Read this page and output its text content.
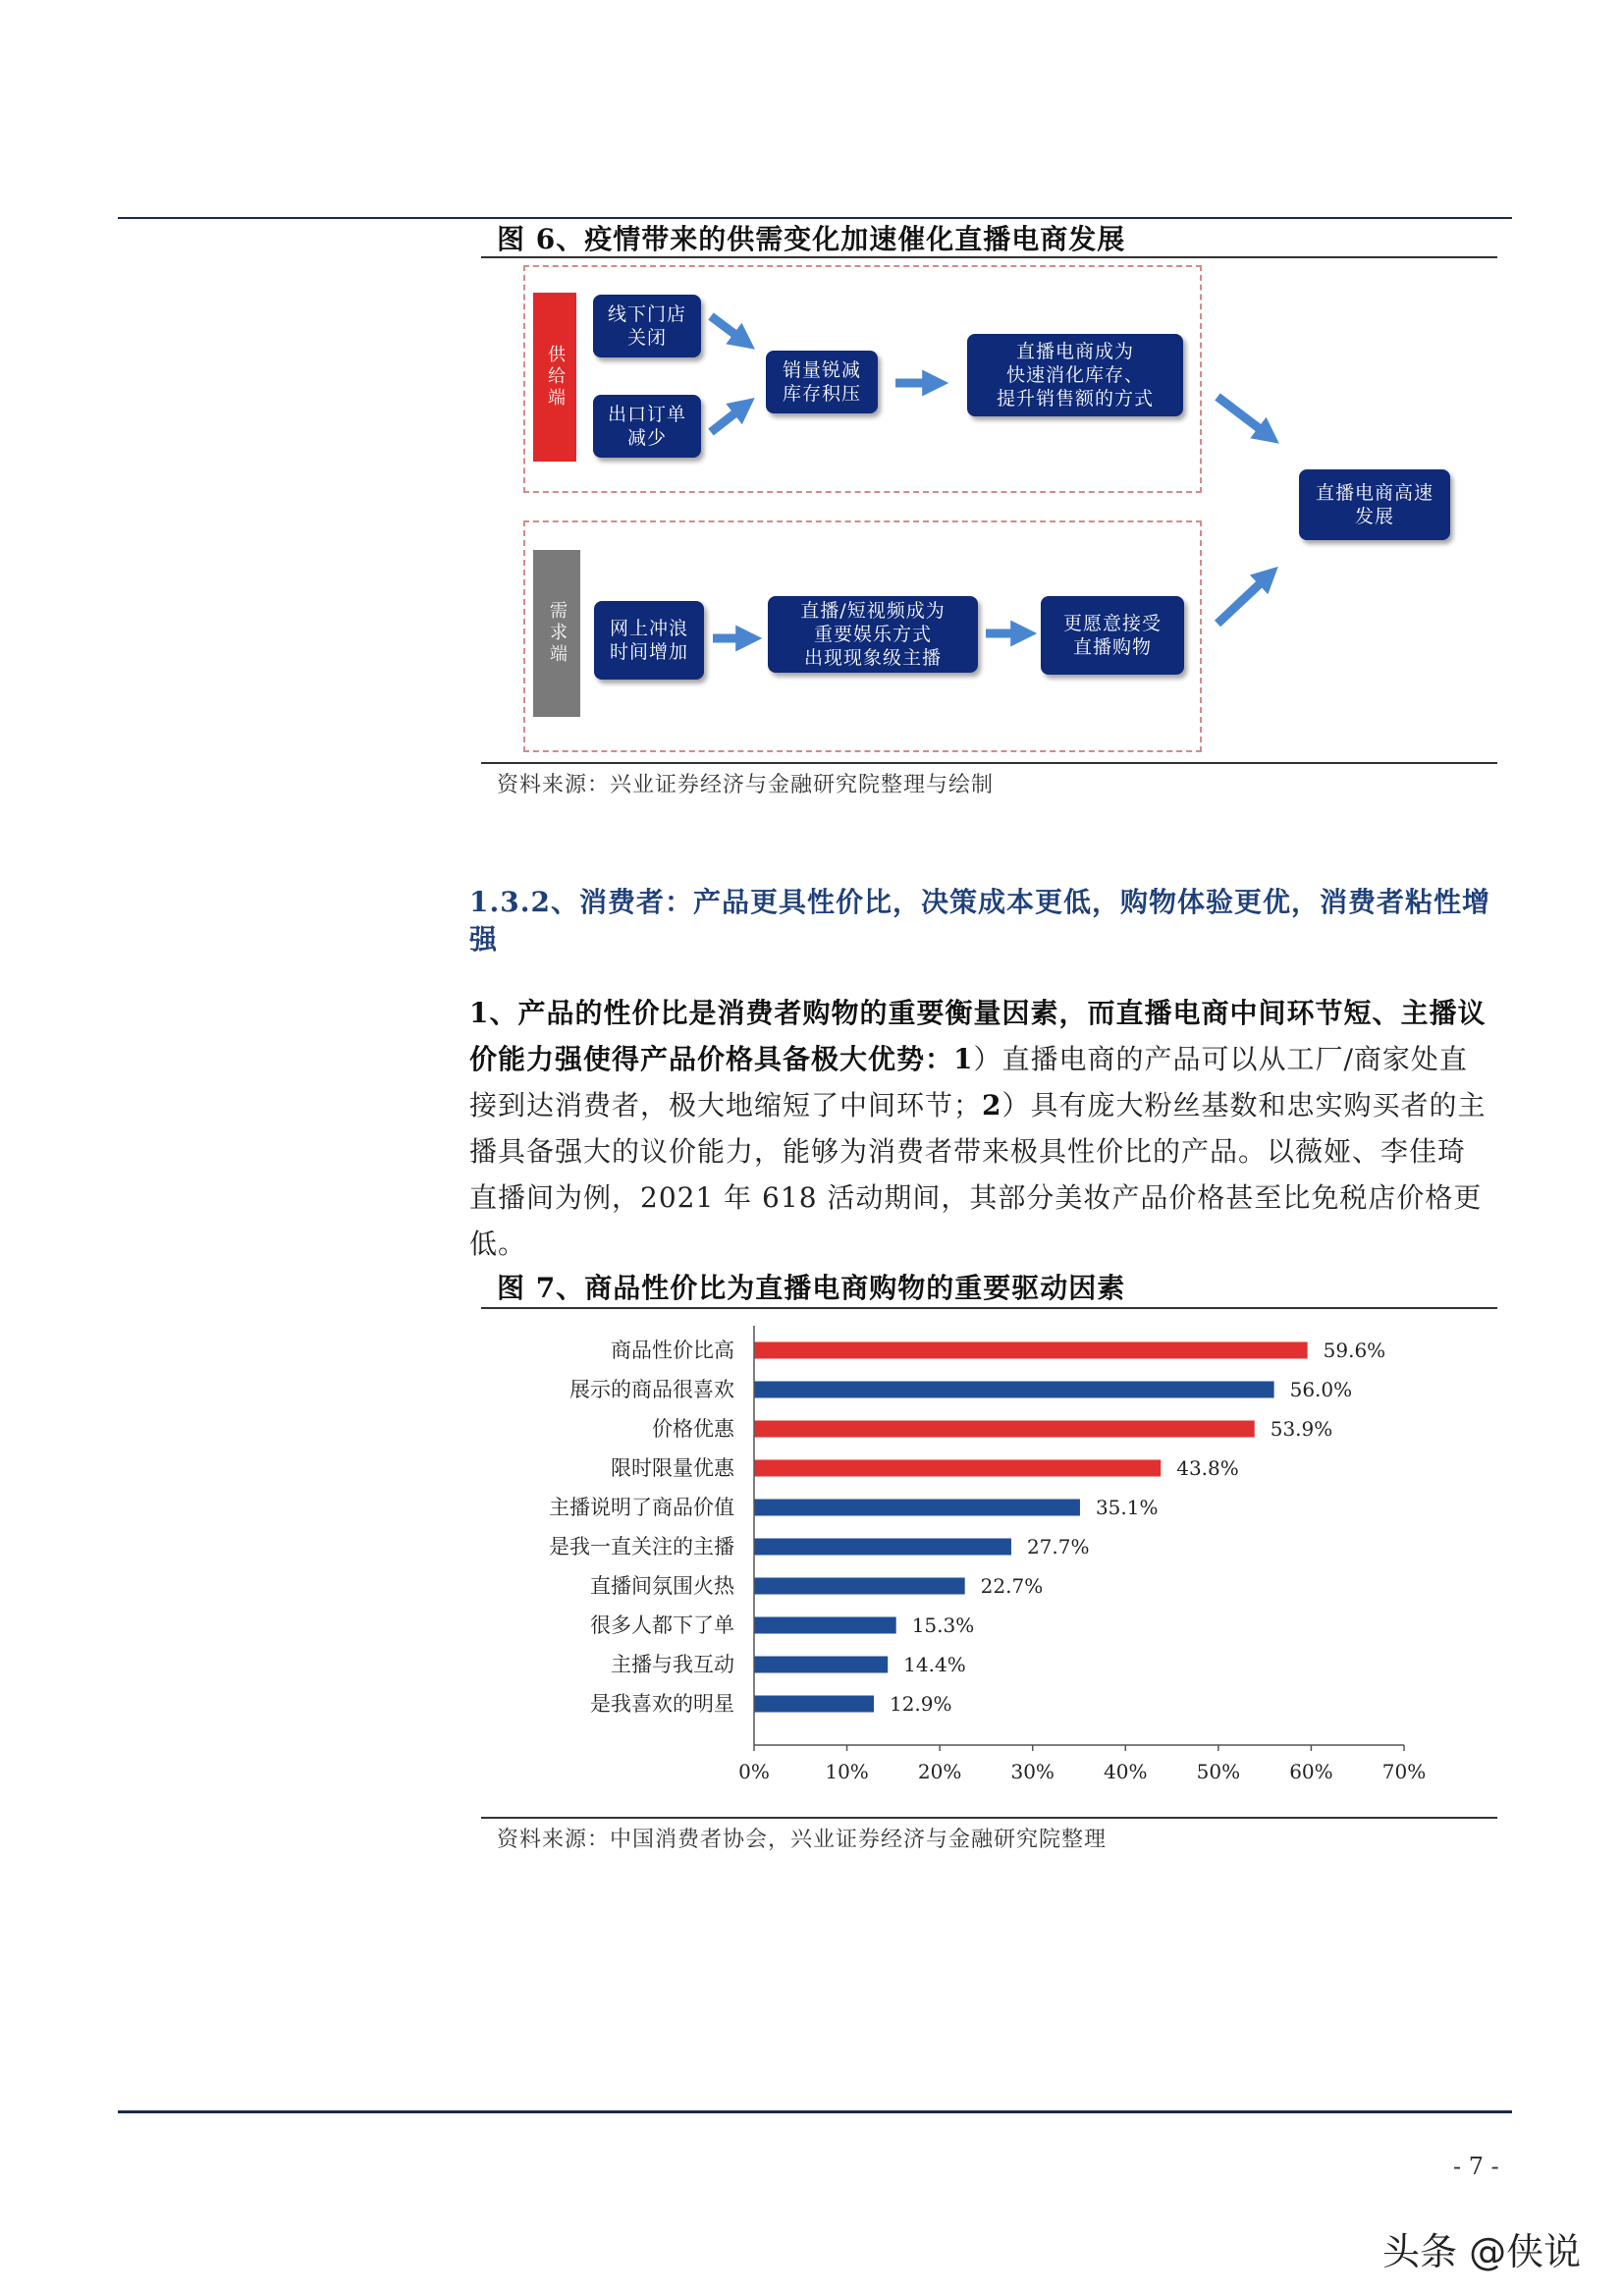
图 6、疫情带来的供需变化加速催化直播电商发展
供给端
线下门店
关闭
出口订单
减少
销量锐减
库存积压
直播电商成为
快速消化库存、
提升销售额的方式
需求端	网上冲浪
时间增加
直播/短视频成为
重要娱乐方式
出现现象级主播
更愿意接受
直播购物
直播电商高速
发展
资料来源：兴业证券经济与金融研究院整理与绘制
1.3.2、消费者：产品更具性价比，决策成本更低，购物体验更优，消费者粘性增强
1、产品的性价比是消费者购物的重要衡量因素，而直播电商中间环节短、主播议价能力强使得产品价格具备极大优势：1）直播电商的产品可以从工厂/商家处直接到达消费者，极大地缩短了中间环节；2）具有庞大粉丝基数和忠实购买者的主播具备强大的议价能力，能够为消费者带来极具性价比的产品。以薇娅、李佳琦直播间为例，2021 年 618 活动期间，其部分美妆产品价格甚至比免税店价格更低。
图 7、商品性价比为直播电商购物的重要驱动因素
商品性价比高	59.6%
展示的商品很喜欢	56.0%
价格优惠	53.9%
限时限量优惠	43.8%
主播说明了商品价值	35.1%
是我一直关注的主播	27.7%
直播间氛围火热	22.7%
很多人都下了单	15.3%
主播与我互动	14.4%
是我喜欢的明星	12.9%
0%	10%	20%	30%	40%	50%	60%	70%
资料来源：中国消费者协会，兴业证券经济与金融研究院整理
- 7 -
头条 @侠说
